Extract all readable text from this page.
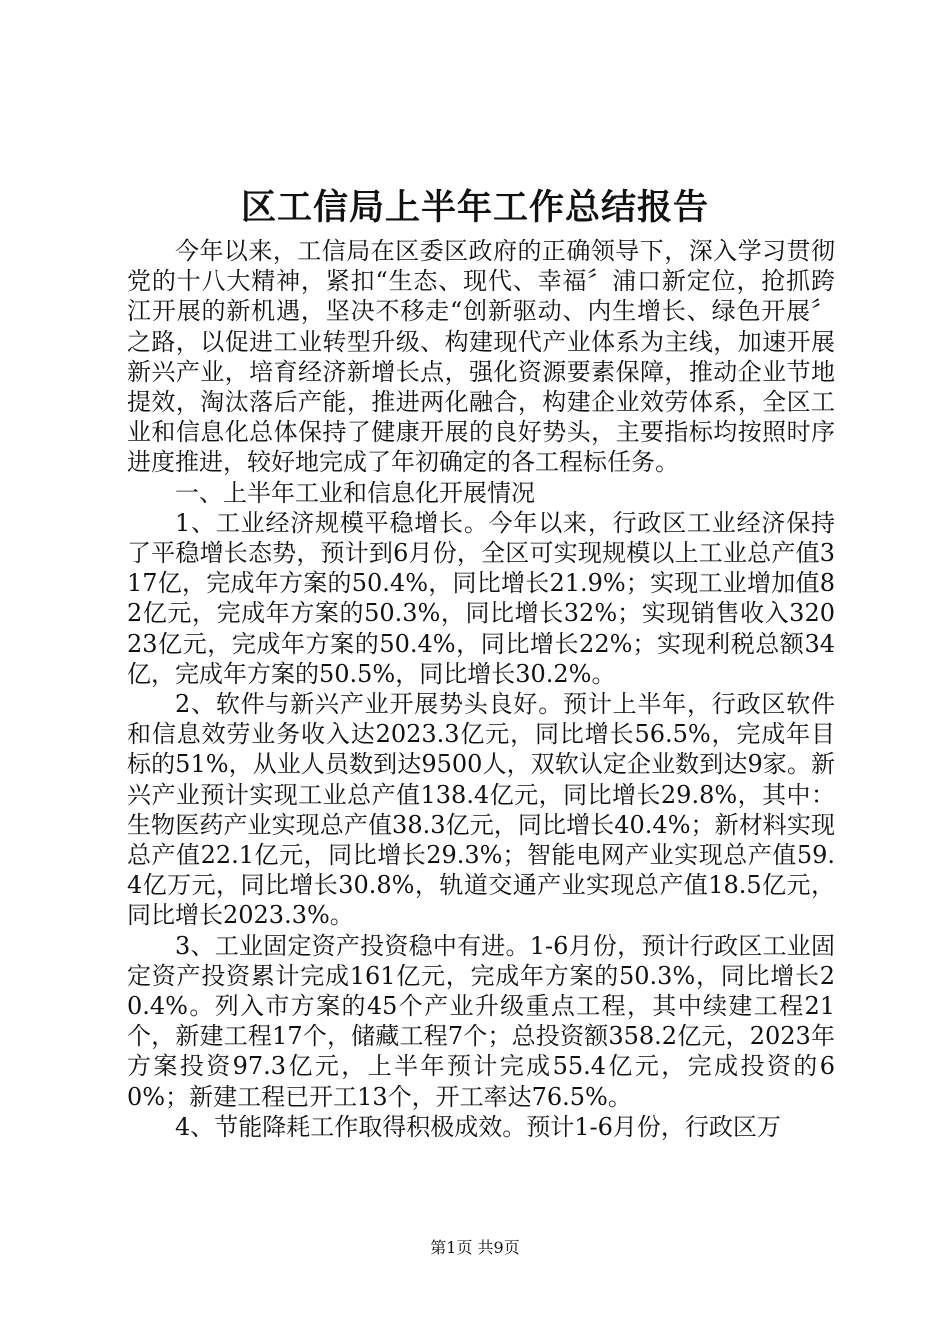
区工信局上半年工作总结报告

今年以来，工信局在区委区政府的正确领导下，深入学习贯彻党的十八大精神，紧扣“生态、现代、幸福〞浦口新定位，抢抓跨江开展的新机遇，坚决不移走“创新驱动、内生增长、绿色开展〞之路，以促进工业转型升级、构建现代产业体系为主线，加速开展新兴产业，培育经济新增长点，强化资源要素保障，推动企业节地提效，淘汰落后产能，推进两化融合，构建企业效劳体系，全区工业和信息化总体保持了健康开展的良好势头，主要指标均按照时序进度推进，较好地完成了年初确定的各工程标任务。

一、上半年工业和信息化开展情况

1、工业经济规模平稳增长。今年以来，行政区工业经济保持了平稳增长态势，预计到6月份，全区可实现规模以上工业总产值317亿，完成年方案的50.4%，同比增长21.9%；实现工业增加值82亿元，完成年方案的50.3%，同比增长32%；实现销售收入32023亿元，完成年方案的50.4%，同比增长22%；实现利税总额34亿，完成年方案的50.5%，同比增长30.2%。

2、软件与新兴产业开展势头良好。预计上半年，行政区软件和信息效劳业务收入达2023.3亿元，同比增长56.5%，完成年目标的51%，从业人员数到达9500人，双软认定企业数到达9家。新兴产业预计实现工业总产值138.4亿元，同比增长29.8%，其中：生物医药产业实现总产值38.3亿元，同比增长40.4%；新材料实现总产值22.1亿元，同比增长29.3%；智能电网产业实现总产值59.4亿万元，同比增长30.8%，轨道交通产业实现总产值18.5亿元，同比增长2023.3%。

3、工业固定资产投资稳中有进。1-6月份，预计行政区工业固定资产投资累计完成161亿元，完成年方案的50.3%，同比增长20.4%。列入市方案的45个产业升级重点工程，其中续建工程21个，新建工程17个，储藏工程7个；总投资额358.2亿元，2023年方案投资97.3亿元，上半年预计完成55.4亿元，完成投资的60%；新建工程已开工13个，开工率达76.5%。

4、节能降耗工作取得积极成效。预计1-6月份，行政区万

第1页 共9页
